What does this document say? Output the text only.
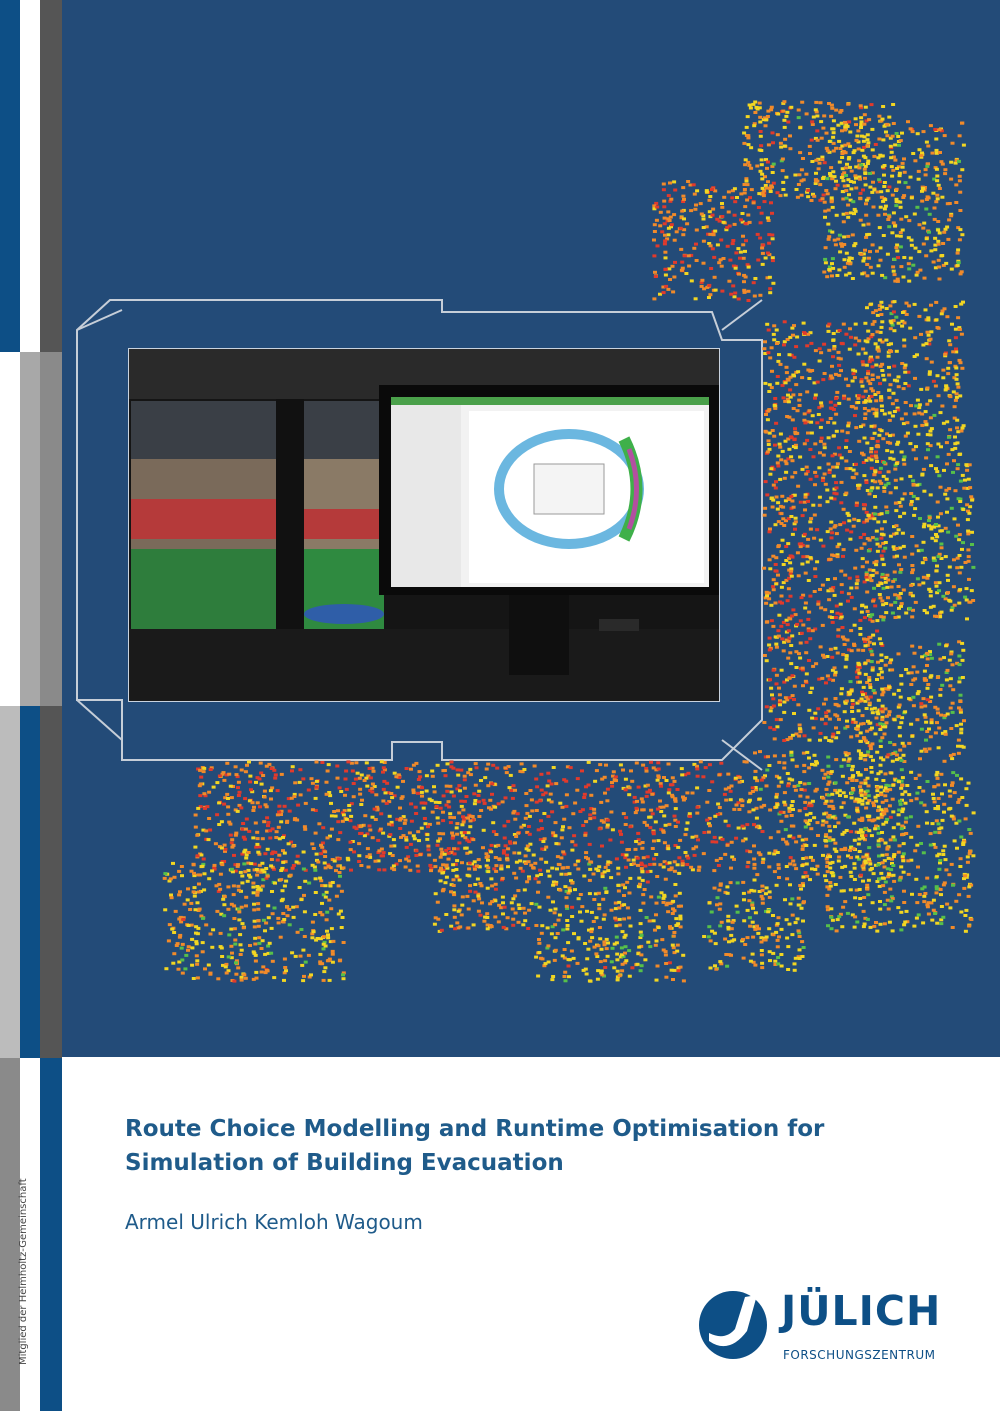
Mitglied der Helmholtz-Gemeinschaft
Route Choice Modelling and Runtime Optimisation for Simulation of Building Evacuation

Armel Ulrich Kemloh Wagoum

JÜLICH
FORSCHUNGSZENTRUM
